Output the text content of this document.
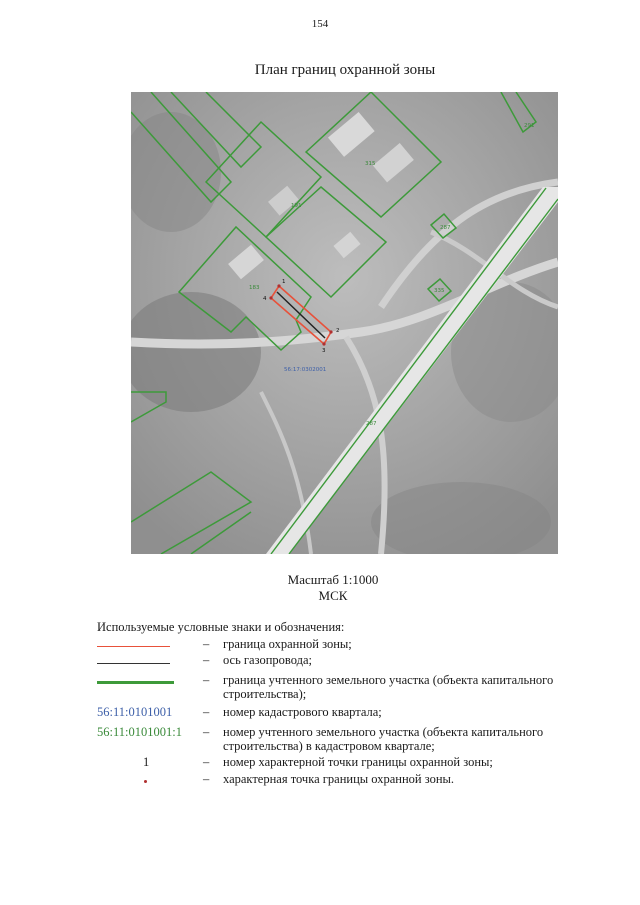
154
План границ охранной зоны
291
315
191
287
183	335
287
1
2
3
4
56:17:0302001
Масштаб 1:1000
МСК
Используемые условные знаки и обозначения:
– граница охранной зоны;
– ось газопровода;
– граница учтенного земельного участка (объекта капитального строительства);
56:11:0101001	– номер кадастрового квартала;
56:11:0101001:1	– номер учтенного земельного участка (объекта капитального строительства) в кадастровом квартале;
1	– номер характерной точки границы охранной зоны;
– характерная точка границы охранной зоны.
